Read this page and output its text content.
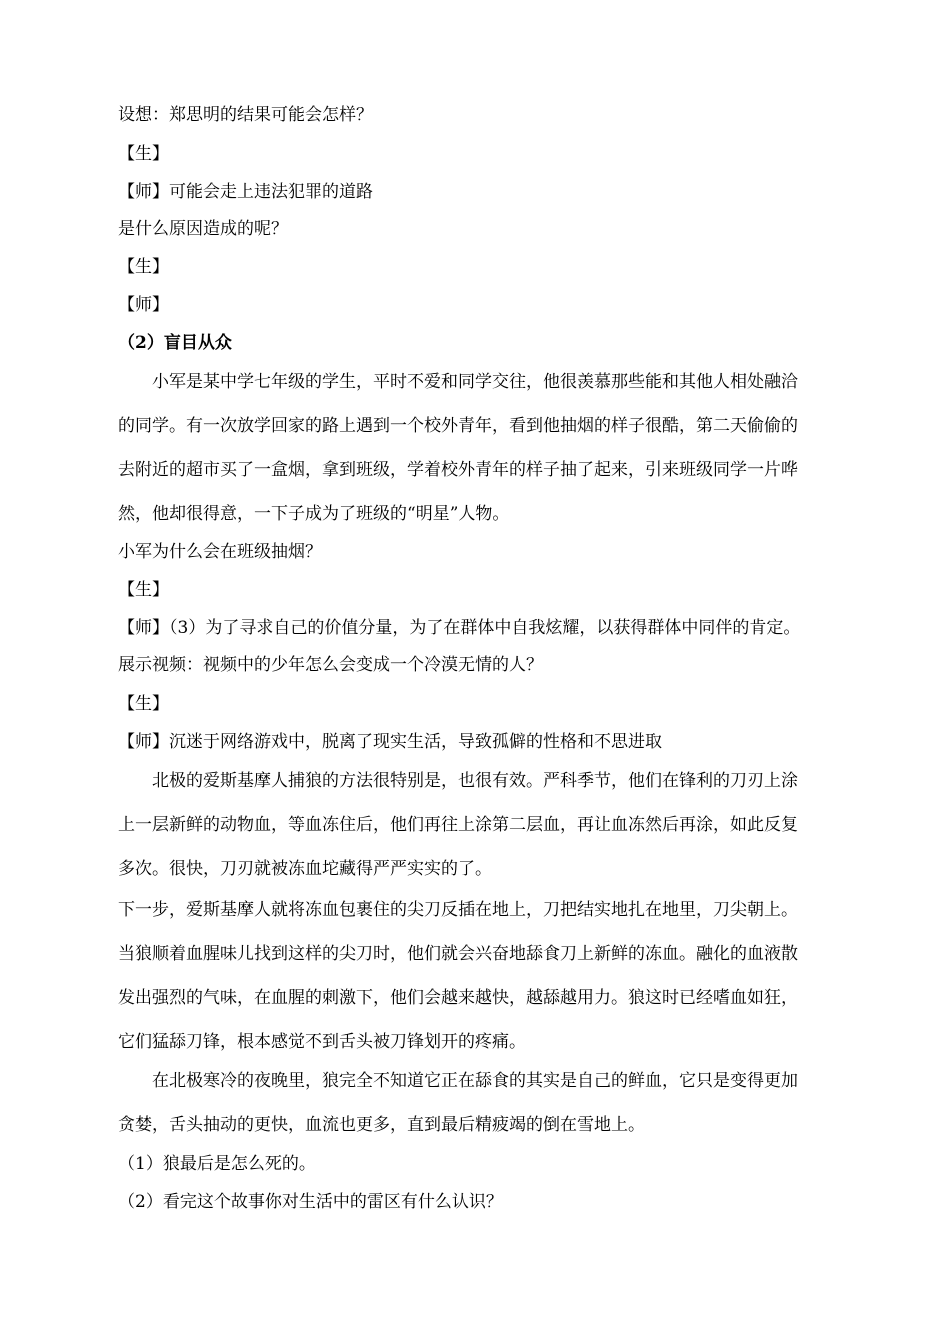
设想：郑思明的结果可能会怎样？
【生】
【师】可能会走上违法犯罪的道路
是什么原因造成的呢？
【生】
【师】
（2）盲目从众
小军是某中学七年级的学生，平时不爱和同学交往，他很羡慕那些能和其他人相处融洽
的同学。有一次放学回家的路上遇到一个校外青年，看到他抽烟的样子很酷，第二天偷偷的
去附近的超市买了一盒烟，拿到班级，学着校外青年的样子抽了起来，引来班级同学一片哗
然，他却很得意，一下子成为了班级的“明星”人物。
小军为什么会在班级抽烟？
【生】
【师】（3）为了寻求自己的价值分量，为了在群体中自我炫耀，以获得群体中同伴的肯定。
展示视频：视频中的少年怎么会变成一个冷漠无情的人？
【生】
【师】沉迷于网络游戏中，脱离了现实生活，导致孤僻的性格和不思进取
北极的爱斯基摩人捕狼的方法很特别是，也很有效。严科季节，他们在锋利的刀刃上涂
上一层新鲜的动物血，等血冻住后，他们再往上涂第二层血，再让血冻然后再涂，如此反复
多次。很快，刀刃就被冻血坨藏得严严实实的了。
下一步，爱斯基摩人就将冻血包裹住的尖刀反插在地上，刀把结实地扎在地里，刀尖朝上。
当狼顺着血腥味儿找到这样的尖刀时，他们就会兴奋地舔食刀上新鲜的冻血。融化的血液散
发出强烈的气味，在血腥的刺激下，他们会越来越快，越舔越用力。狼这时已经嗜血如狂，
它们猛舔刀锋，根本感觉不到舌头被刀锋划开的疼痛。
在北极寒冷的夜晚里，狼完全不知道它正在舔食的其实是自己的鲜血，它只是变得更加
贪婪，舌头抽动的更快，血流也更多，直到最后精疲竭的倒在雪地上。
（1）狼最后是怎么死的。
（2）看完这个故事你对生活中的雷区有什么认识？
